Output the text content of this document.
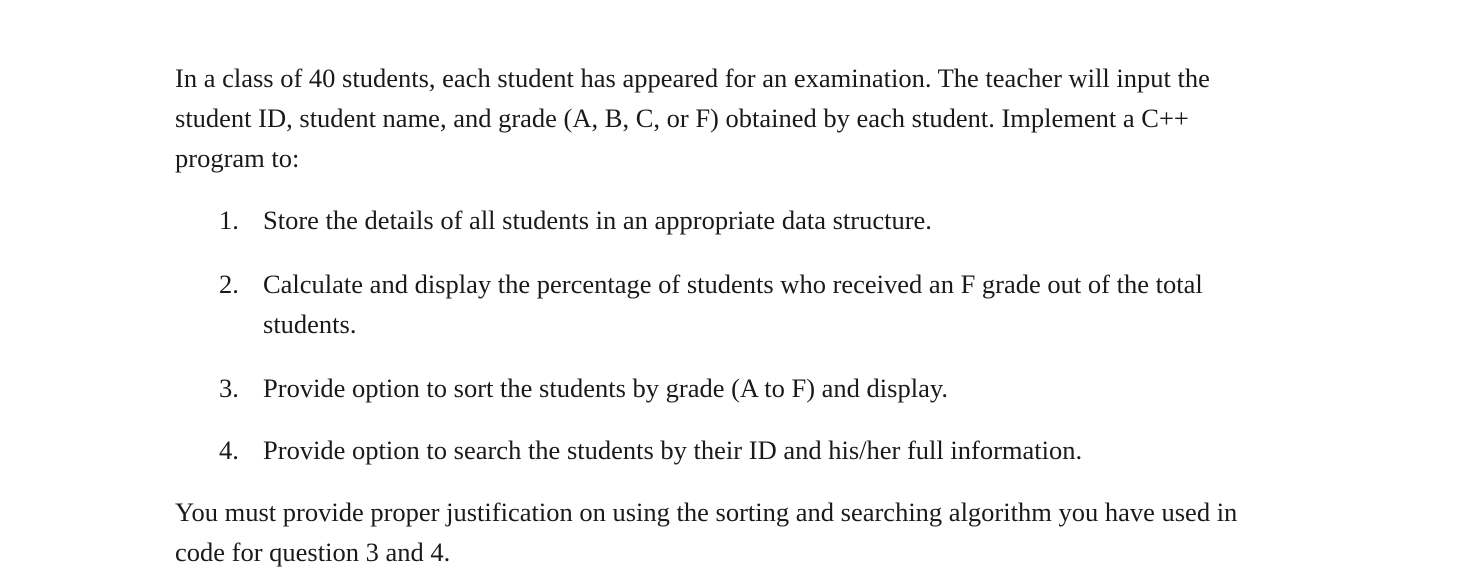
In a class of 40 students, each student has appeared for an examination. The teacher will input the student ID, student name, and grade (A, B, C, or F) obtained by each student. Implement a C++ program to:

1. Store the details of all students in an appropriate data structure.
2. Calculate and display the percentage of students who received an F grade out of the total students.
3. Provide option to sort the students by grade (A to F) and display.
4. Provide option to search the students by their ID and his/her full information.

You must provide proper justification on using the sorting and searching algorithm you have used in code for question 3 and 4.
